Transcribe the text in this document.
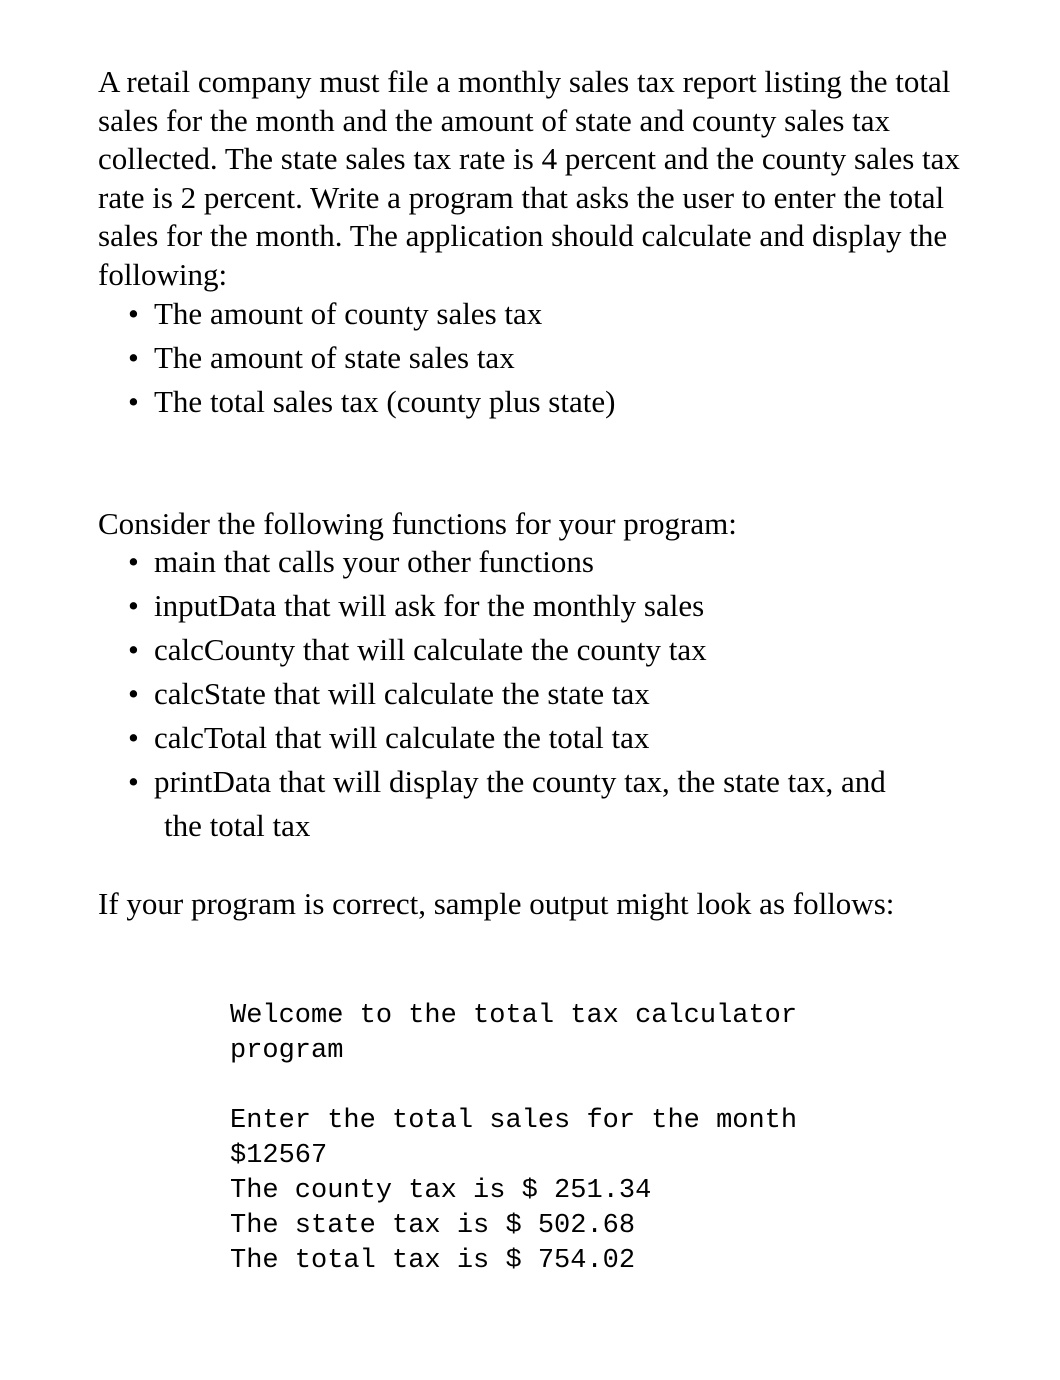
A retail company must file a monthly sales tax report listing the total sales for the month and the amount of state and county sales tax collected. The state sales tax rate is 4 percent and the county sales tax rate is 2 percent. Write a program that asks the user to enter the total sales for the month. The application should calculate and display the following:
• The amount of county sales tax
• The amount of state sales tax
• The total sales tax (county plus state)
Consider the following functions for your program:
• main that calls your other functions
• inputData that will ask for the monthly sales
• calcCounty that will calculate the county tax
• calcState that will calculate the state tax
• calcTotal that will calculate the total tax
• printData that will display the county tax, the state tax, and
the total tax
If your program is correct, sample output might look as follows:
Welcome to the total tax calculator
program

Enter the total sales for the month
$12567
The county tax is $ 251.34
The state tax is $ 502.68
The total tax is $ 754.02
